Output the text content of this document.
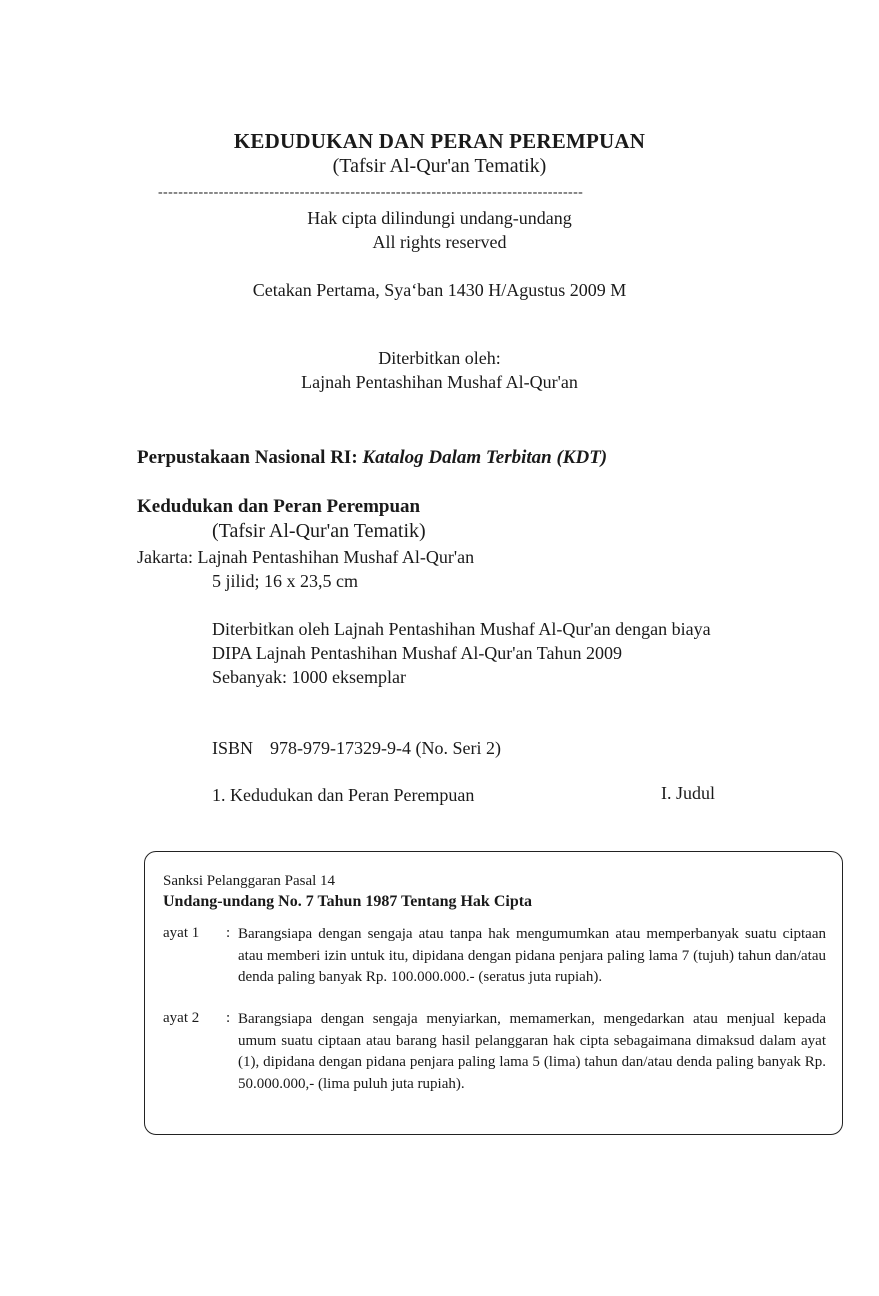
KEDUDUKAN DAN PERAN PEREMPUAN
(Tafsir Al-Qur'an Tematik)
------------------------------------------------------------------------------------
Hak cipta dilindungi undang-undang
All rights reserved
Cetakan Pertama, Sya‘ban 1430 H/Agustus 2009 M
Diterbitkan oleh:
Lajnah Pentashihan Mushaf Al-Qur'an
Perpustakaan Nasional RI: Katalog Dalam Terbitan (KDT)
Kedudukan dan Peran Perempuan
(Tafsir Al-Qur'an Tematik)
Jakarta: Lajnah Pentashihan Mushaf Al-Qur'an
5 jilid; 16 x 23,5 cm
Diterbitkan oleh Lajnah Pentashihan Mushaf Al-Qur'an dengan biaya
DIPA Lajnah Pentashihan Mushaf Al-Qur'an Tahun 2009
Sebanyak: 1000 eksemplar
ISBN 978-979-17329-9-4 (No. Seri 2)
1. Kedudukan dan Peran Perempuan	I. Judul
Sanksi Pelanggaran Pasal 14
Undang-undang No. 7 Tahun 1987 Tentang Hak Cipta
ayat 1 : Barangsiapa dengan sengaja atau tanpa hak mengumumkan atau memperbanyak suatu ciptaan atau memberi izin untuk itu, dipidana dengan pidana penjara paling lama 7 (tujuh) tahun dan/atau denda paling banyak Rp. 100.000.000.- (seratus juta rupiah).
ayat 2 : Barangsiapa dengan sengaja menyiarkan, memamerkan, mengedarkan atau menjual kepada umum suatu ciptaan atau barang hasil pelanggaran hak cipta sebagaimana dimaksud dalam ayat (1), dipidana dengan pidana penjara paling lama 5 (lima) tahun dan/atau denda paling banyak Rp. 50.000.000,- (lima puluh juta rupiah).
